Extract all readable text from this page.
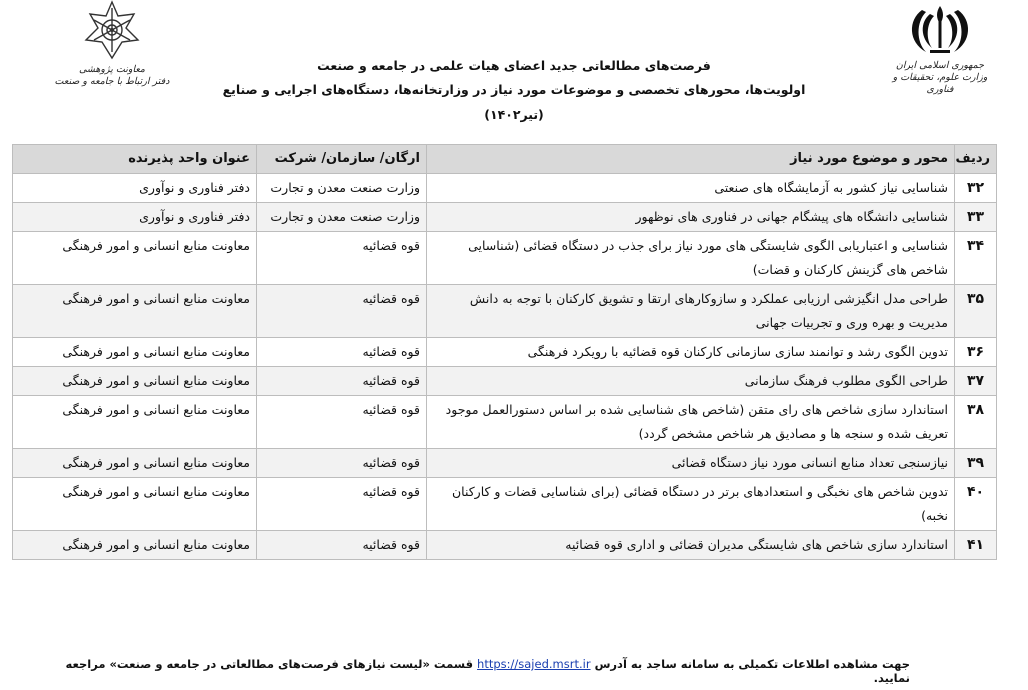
جمهوری اسلامی ایران
وزارت علوم، تحقیقات و فناوری
معاونت پژوهشی
دفتر ارتباط با جامعه و صنعت
فرصت‌های مطالعاتی جدید اعضای هیات علمی در جامعه و صنعت
اولویت‌ها، محورهای تخصصی و موضوعات مورد نیاز در وزارتخانه‌ها، دستگاه‌های اجرایی و صنایع
(تیر۱۴۰۲)
ردیف	محور و موضوع مورد نیاز	ارگان/ سازمان/ شرکت	عنوان واحد پذیرنده
۳۲	شناسایی نیاز کشور به آزمایشگاه های صنعتی	وزارت صنعت معدن و تجارت	دفتر فناوری و نوآوری
۳۳	شناسایی دانشگاه های پیشگام جهانی در فناوری های نوظهور	وزارت صنعت معدن و تجارت	دفتر فناوری و نوآوری
۳۴	شناسایی و اعتباریابی الگوی شایستگی های مورد نیاز برای جذب در دستگاه قضائی (شناسایی شاخص های گزینش کارکنان و قضات)	قوه قضائیه	معاونت منابع انسانی و امور فرهنگی
۳۵	طراحی مدل انگیزشی ارزیابی عملکرد و سازوکارهای ارتقا و تشویق کارکنان با توجه به دانش مدیریت و بهره وری و تجربیات جهانی	قوه قضائیه	معاونت منابع انسانی و امور فرهنگی
۳۶	تدوین الگوی رشد و توانمند سازی سازمانی کارکنان قوه قضائیه با رویکرد فرهنگی	قوه قضائیه	معاونت منابع انسانی و امور فرهنگی
۳۷	طراحی الگوی مطلوب فرهنگ سازمانی	قوه قضائیه	معاونت منابع انسانی و امور فرهنگی
۳۸	استاندارد سازی شاخص های رای متقن (شاخص های شناسایی شده بر اساس دستورالعمل موجود تعریف شده و سنجه ها و مصادیق هر شاخص مشخص گردد)	قوه قضائیه	معاونت منابع انسانی و امور فرهنگی
۳۹	نیازسنجی تعداد منابع انسانی مورد نیاز دستگاه قضائی	قوه قضائیه	معاونت منابع انسانی و امور فرهنگی
۴۰	تدوین شاخص های نخبگی و استعدادهای برتر در دستگاه قضائی (برای شناسایی قضات و کارکنان نخبه)	قوه قضائیه	معاونت منابع انسانی و امور فرهنگی
۴۱	استاندارد سازی شاخص های شایستگی مدیران قضائی و اداری قوه قضائیه	قوه قضائیه	معاونت منابع انسانی و امور فرهنگی
جهت مشاهده اطلاعات تکمیلی به سامانه ساجد به آدرس https://sajed.msrt.ir قسمت «لیست نیازهای فرصت‌های مطالعاتی در جامعه و صنعت» مراجعه نمایید.
